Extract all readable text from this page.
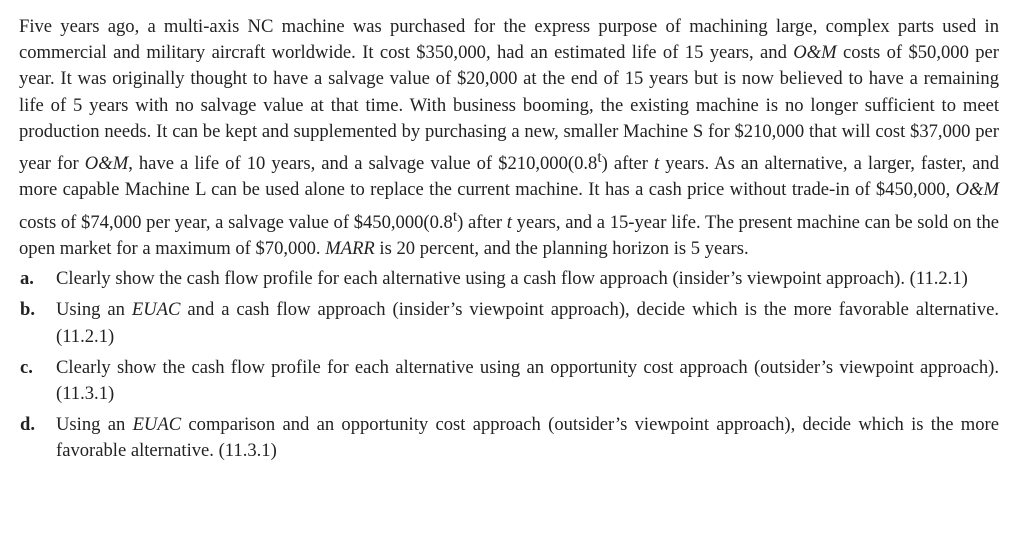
Five years ago, a multi-axis NC machine was purchased for the express purpose of machining large, complex parts used in commercial and military aircraft worldwide. It cost $350,000, had an estimated life of 15 years, and O&M costs of $50,000 per year. It was originally thought to have a salvage value of $20,000 at the end of 15 years but is now believed to have a remaining life of 5 years with no salvage value at that time. With business booming, the existing machine is no longer sufficient to meet production needs. It can be kept and supplemented by purchasing a new, smaller Machine S for $210,000 that will cost $37,000 per year for O&M, have a life of 10 years, and a salvage value of $210,000(0.8$^t$) after t years. As an alternative, a larger, faster, and more capable Machine L can be used alone to replace the current machine. It has a cash price without trade-in of $450,000, O&M costs of $74,000 per year, a salvage value of $450,000(0.8$^t$) after t years, and a 15-year life. The present machine can be sold on the open market for a maximum of $70,000. MARR is 20 percent, and the planning horizon is 5 years.

a. Clearly show the cash flow profile for each alternative using a cash flow approach (insider’s viewpoint approach). (11.2.1)
b. Using an EUAC and a cash flow approach (insider’s viewpoint approach), decide which is the more favorable alternative. (11.2.1)
c. Clearly show the cash flow profile for each alternative using an opportunity cost approach (outsider’s viewpoint approach). (11.3.1)
d. Using an EUAC comparison and an opportunity cost approach (outsider’s viewpoint approach), decide which is the more favorable alternative. (11.3.1)
